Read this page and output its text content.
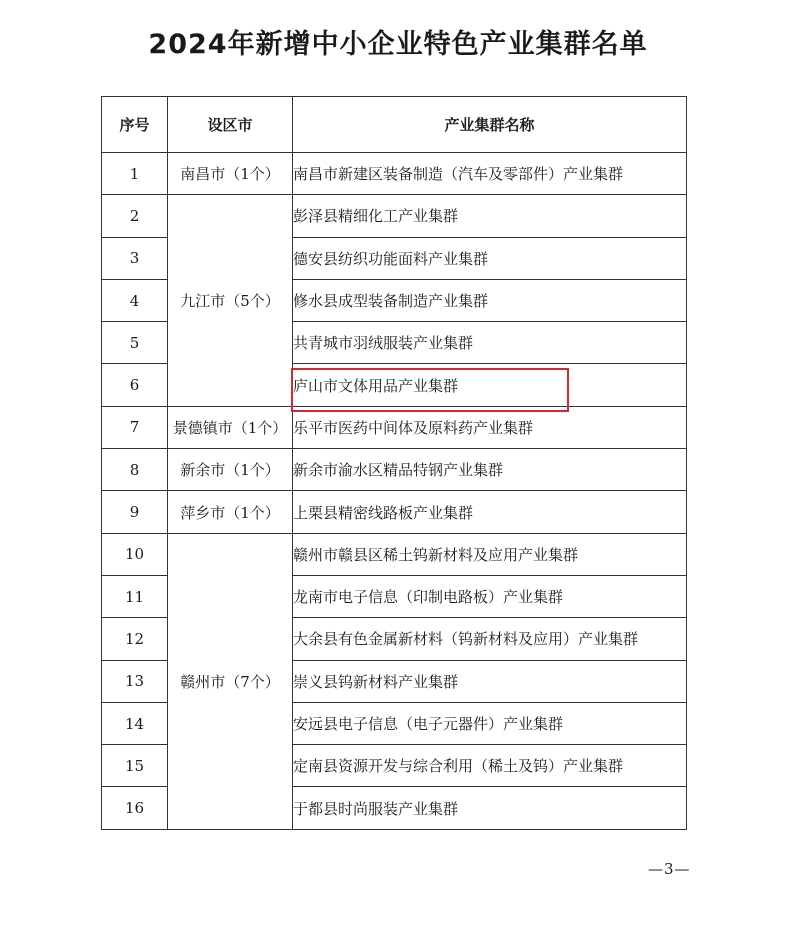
2024年新增中小企业特色产业集群名单
序号	设区市	产业集群名称
1	南昌市（1个）	南昌市新建区装备制造（汽车及零部件）产业集群
2	九江市（5个）	彭泽县精细化工产业集群
3		德安县纺织功能面料产业集群
4		修水县成型装备制造产业集群
5		共青城市羽绒服装产业集群
6		庐山市文体用品产业集群
7	景德镇市（1个）	乐平市医药中间体及原料药产业集群
8	新余市（1个）	新余市渝水区精品特钢产业集群
9	萍乡市（1个）	上栗县精密线路板产业集群
10	赣州市（7个）	赣州市赣县区稀土钨新材料及应用产业集群
11		龙南市电子信息（印制电路板）产业集群
12		大余县有色金属新材料（钨新材料及应用）产业集群
13		崇义县钨新材料产业集群
14		安远县电子信息（电子元器件）产业集群
15		定南县资源开发与综合利用（稀土及钨）产业集群
16		于都县时尚服装产业集群
—3—
